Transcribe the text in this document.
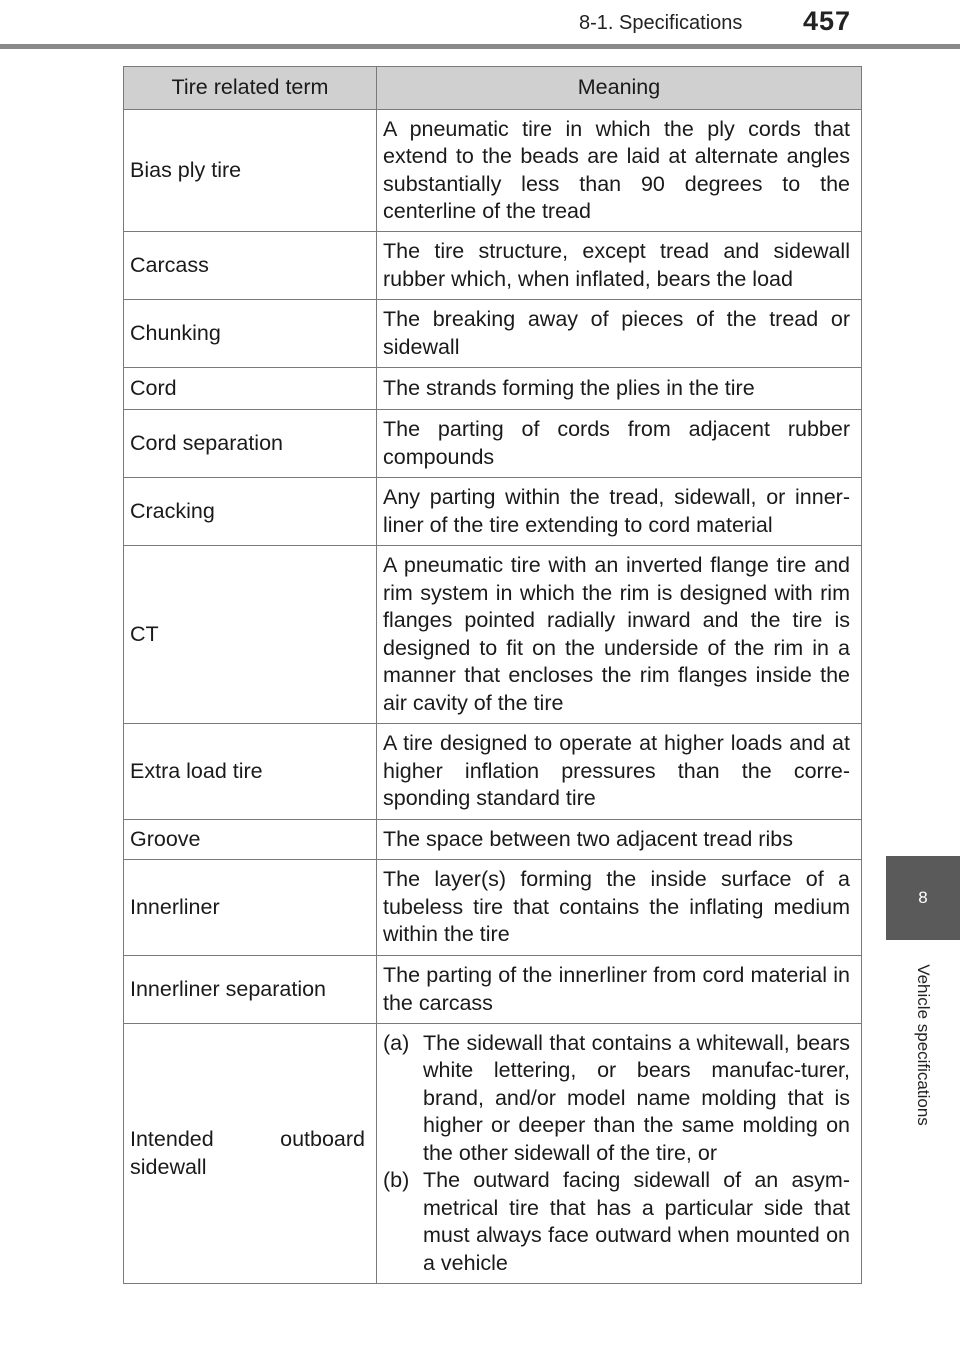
8-1. Specifications 457
8
Vehicle specifications
Tire related term	Meaning
Bias ply tire	A pneumatic tire in which the ply cords that extend to the beads are laid at alternate angles substantially less than 90 degrees to the centerline of the tread
Carcass	The tire structure, except tread and sidewall rubber which, when inflated, bears the load
Chunking	The breaking away of pieces of the tread or sidewall
Cord	The strands forming the plies in the tire
Cord separation	The parting of cords from adjacent rubber compounds
Cracking	Any parting within the tread, sidewall, or inner-liner of the tire extending to cord material
CT	A pneumatic tire with an inverted flange tire and rim system in which the rim is designed with rim flanges pointed radially inward and the tire is designed to fit on the underside of the rim in a manner that encloses the rim flanges inside the air cavity of the tire
Extra load tire	A tire designed to operate at higher loads and at higher inflation pressures than the corre-sponding standard tire
Groove	The space between two adjacent tread ribs
Innerliner	The layer(s) forming the inside surface of a tubeless tire that contains the inflating medium within the tire
Innerliner separation	The parting of the innerliner from cord material in the carcass
Intended outboard sidewall	(a) The sidewall that contains a whitewall, bears white lettering, or bears manufac-turer, brand, and/or model name molding that is higher or deeper than the same molding on the other sidewall of the tire, or
(b) The outward facing sidewall of an asym-metrical tire that has a particular side that must always face outward when mounted on a vehicle
